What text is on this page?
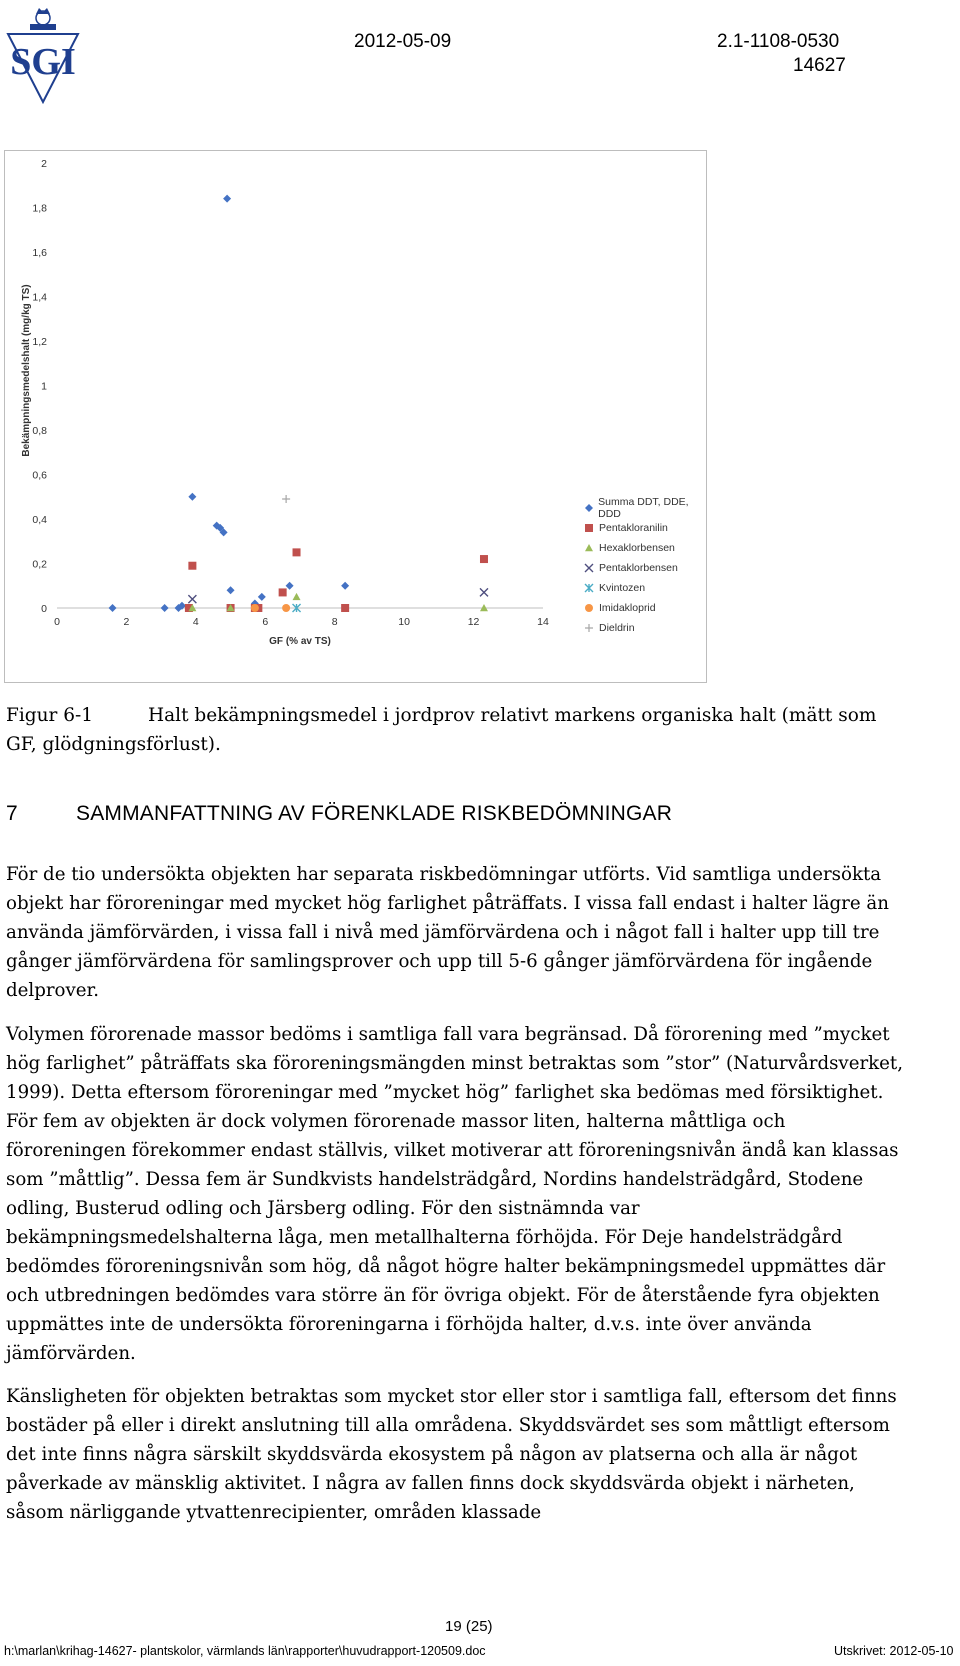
SGI	2012-05-09	2.1-1108-0530
14627
0
0,2
0,4
0,6
0,8
1
1,2
1,4
1,6
1,8
2
0	2	4	6	8	10	12	14
GF (% av TS)
Bekämpningsmedelshalt (mg/kg TS)
Summa DDT, DDE, DDD
Pentakloranilin
Hexaklorbensen
Pentaklorbensen
Kvintozen
Imidakloprid
Dieldrin
Figur 6-1	Halt bekämpningsmedel i jordprov relativt markens organiska halt (mätt som GF, glödgningsförlust).
7	SAMMANFATTNING AV FÖRENKLADE RISKBEDÖMNINGAR

För de tio undersökta objekten har separata riskbedömningar utförts. Vid samtliga undersökta objekt har föroreningar med mycket hög farlighet påträffats. I vissa fall endast i halter lägre än använda jämförvärden, i vissa fall i nivå med jämförvärdena och i något fall i halter upp till tre gånger jämförvärdena för samlingsprover och upp till 5-6 gånger jämförvärdena för ingående delprover.

Volymen förorenade massor bedöms i samtliga fall vara begränsad. Då förorening med ”mycket hög farlighet” påträffats ska föroreningsmängden minst betraktas som ”stor” (Naturvårdsverket, 1999). Detta eftersom föroreningar med ”mycket hög” farlighet ska bedömas med försiktighet. För fem av objekten är dock volymen förorenade massor liten, halterna måttliga och föroreningen förekommer endast ställvis, vilket motiverar att föroreningsnivån ändå kan klassas som ”måttlig”. Dessa fem är Sundkvists handelsträdgård, Nordins handelsträdgård, Stodene odling, Busterud odling och Järsberg odling. För den sistnämnda var bekämpningsmedelshalterna låga, men metallhalterna förhöjda. För Deje handelsträdgård bedömdes föroreningsnivån som hög, då något högre halter bekämpningsmedel uppmättes där och utbredningen bedömdes vara större än för övriga objekt. För de återstående fyra objekten uppmättes inte de undersökta föroreningarna i förhöjda halter, d.v.s. inte över använda jämförvärden.

Känsligheten för objekten betraktas som mycket stor eller stor i samtliga fall, eftersom det finns bostäder på eller i direkt anslutning till alla områdena. Skyddsvärdet ses som måttligt eftersom det inte finns några särskilt skyddsvärda ekosystem på någon av platserna och alla är något påverkade av mänsklig aktivitet. I några av fallen finns dock skyddsvärda objekt i närheten, såsom närliggande ytvattenrecipienter, områden klassade

19 (25)
h:\marlan\krihag-14627- plantskolor, värmlands län\rapporter\huvudrapport-120509.doc	Utskrivet: 2012-05-10
